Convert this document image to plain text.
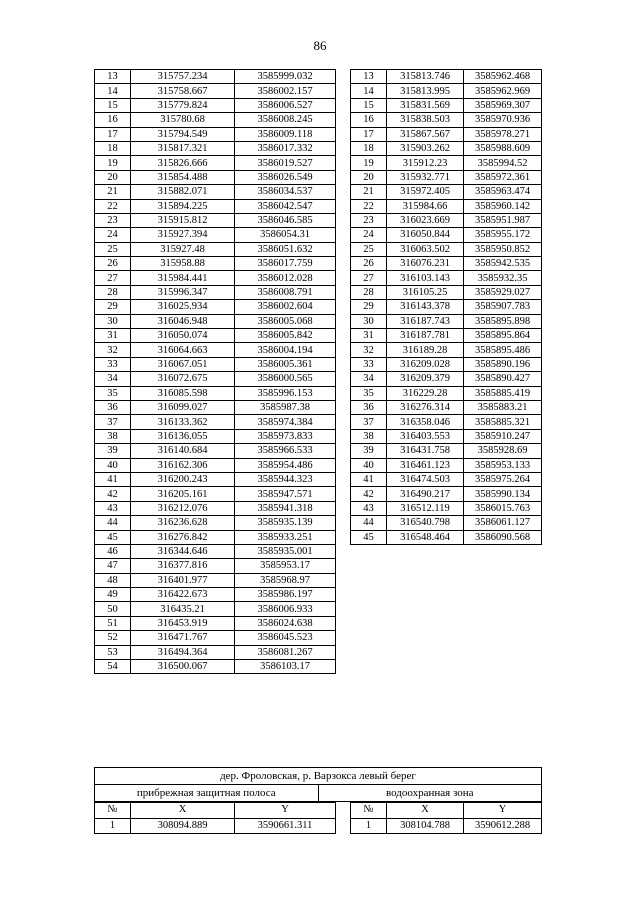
86
13	315757.234	3585999.032
14	315758.667	3586002.157
15	315779.824	3586006.527
16	315780.68	3586008.245
17	315794.549	3586009.118
18	315817.321	3586017.332
19	315826.666	3586019.527
20	315854.488	3586026.549
21	315882.071	3586034.537
22	315894.225	3586042.547
23	315915.812	3586046.585
24	315927.394	3586054.31
25	315927.48	3586051.632
26	315958.88	3586017.759
27	315984.441	3586012.028
28	315996.347	3586008.791
29	316025.934	3586002.604
30	316046.948	3586005.068
31	316050.074	3586005.842
32	316064.663	3586004.194
33	316067.051	3586005.361
34	316072.675	3586000.565
35	316085.598	3585996.153
36	316099.027	3585987.38
37	316133.362	3585974.384
38	316136.055	3585973.833
39	316140.684	3585966.533
40	316162.306	3585954.486
41	316200.243	3585944.323
42	316205.161	3585947.571
43	316212.076	3585941.318
44	316236.628	3585935.139
45	316276.842	3585933.251
46	316344.646	3585935.001
47	316377.816	3585953.17
48	316401.977	3585968.97
49	316422.673	3585986.197
50	316435.21	3586006.933
51	316453.919	3586024.638
52	316471.767	3586045.523
53	316494.364	3586081.267
54	316500.067	3586103.17
13	315813.746	3585962.468
14	315813.995	3585962.969
15	315831.569	3585969.307
16	315838.503	3585970.936
17	315867.567	3585978.271
18	315903.262	3585988.609
19	315912.23	3585994.52
20	315932.771	3585972.361
21	315972.405	3585963.474
22	315984.66	3585960.142
23	316023.669	3585951.987
24	316050.844	3585955.172
25	316063.502	3585950.852
26	316076.231	3585942.535
27	316103.143	3585932.35
28	316105.25	3585929.027
29	316143.378	3585907.783
30	316187.743	3585895.898
31	316187.781	3585895.864
32	316189.28	3585895.486
33	316209.028	3585890.196
34	316209.379	3585890.427
35	316229.28	3585885.419
36	316276.314	3585883.21
37	316358.046	3585885.321
38	316403.553	3585910.247
39	316431.758	3585928.69
40	316461.123	3585953.133
41	316474.503	3585975.264
42	316490.217	3585990.134
43	316512.119	3586015.763
44	316540.798	3586061.127
45	316548.464	3586090.568
дер. Фроловская, р. Варзокса левый берег
прибрежная защитная полоса	водоохранная зона
№	X	Y
1	308094.889	3590661.311
№	X	Y
1	308104.788	3590612.288
